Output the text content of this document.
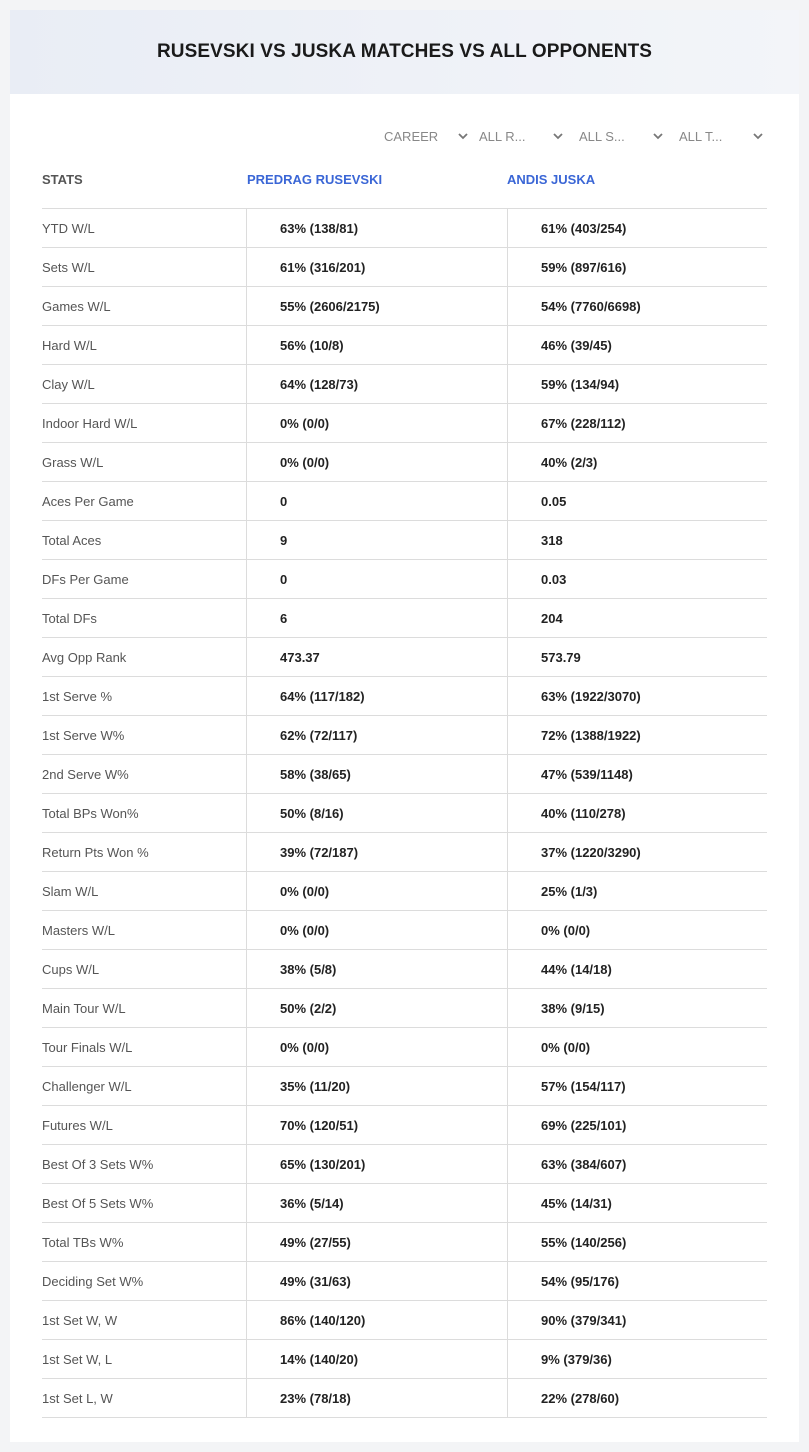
RUSEVSKI VS JUSKA MATCHES VS ALL OPPONENTS
CAREER	ALL R...	ALL S...	ALL T...
STATS	PREDRAG RUSEVSKI	ANDIS JUSKA
YTD W/L	63% (138/81)	61% (403/254)
Sets W/L	61% (316/201)	59% (897/616)
Games W/L	55% (2606/2175)	54% (7760/6698)
Hard W/L	56% (10/8)	46% (39/45)
Clay W/L	64% (128/73)	59% (134/94)
Indoor Hard W/L	0% (0/0)	67% (228/112)
Grass W/L	0% (0/0)	40% (2/3)
Aces Per Game	0	0.05
Total Aces	9	318
DFs Per Game	0	0.03
Total DFs	6	204
Avg Opp Rank	473.37	573.79
1st Serve %	64% (117/182)	63% (1922/3070)
1st Serve W%	62% (72/117)	72% (1388/1922)
2nd Serve W%	58% (38/65)	47% (539/1148)
Total BPs Won%	50% (8/16)	40% (110/278)
Return Pts Won %	39% (72/187)	37% (1220/3290)
Slam W/L	0% (0/0)	25% (1/3)
Masters W/L	0% (0/0)	0% (0/0)
Cups W/L	38% (5/8)	44% (14/18)
Main Tour W/L	50% (2/2)	38% (9/15)
Tour Finals W/L	0% (0/0)	0% (0/0)
Challenger W/L	35% (11/20)	57% (154/117)
Futures W/L	70% (120/51)	69% (225/101)
Best Of 3 Sets W%	65% (130/201)	63% (384/607)
Best Of 5 Sets W%	36% (5/14)	45% (14/31)
Total TBs W%	49% (27/55)	55% (140/256)
Deciding Set W%	49% (31/63)	54% (95/176)
1st Set W, W	86% (140/120)	90% (379/341)
1st Set W, L	14% (140/20)	9% (379/36)
1st Set L, W	23% (78/18)	22% (278/60)
